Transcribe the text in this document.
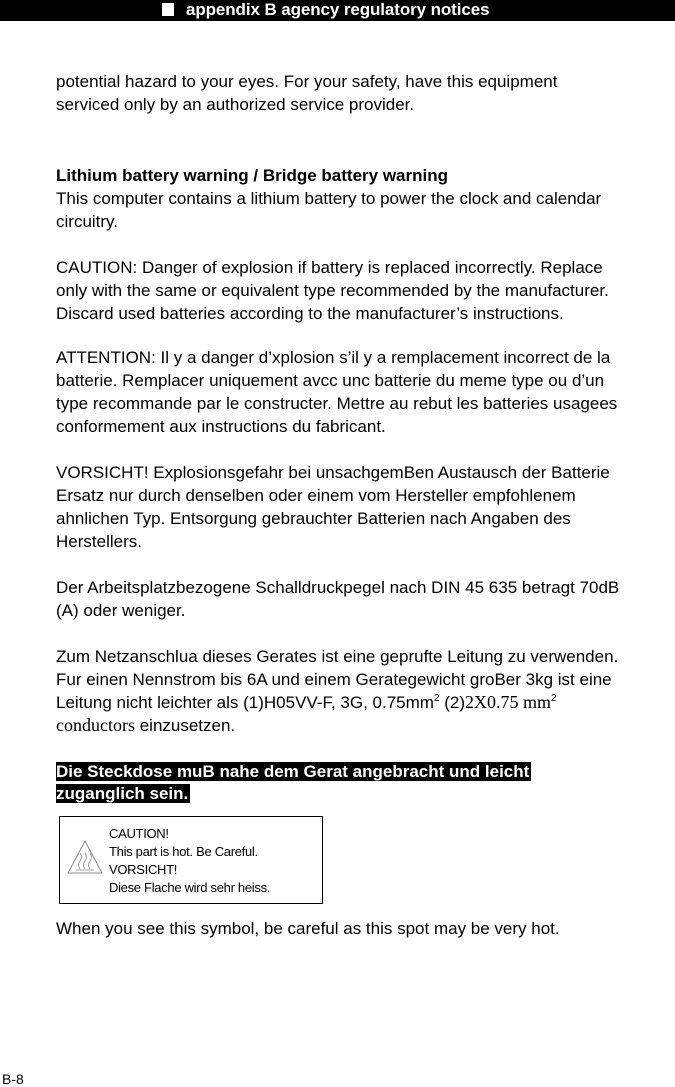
appendix B agency regulatory notices
potential hazard to your eyes. For your safety, have this equipment
serviced only by an authorized service provider.
Lithium battery warning / Bridge battery warning
This computer contains a lithium battery to power the clock and calendar
circuitry.
CAUTION: Danger of explosion if battery is replaced incorrectly. Replace
only with the same or equivalent type recommended by the manufacturer.
Discard used batteries according to the manufacturer’s instructions.
ATTENTION: Il y a danger d’xplosion s’il y a remplacement incorrect de la
batterie. Remplacer uniquement avcc unc batterie du meme type ou d’un
type recommande par le constructer. Mettre au rebut les batteries usagees
conformement aux instructions du fabricant.
VORSICHT! Explosionsgefahr bei unsachgemBen Austausch der Batterie
Ersatz nur durch denselben oder einem vom Hersteller empfohlenem
ahnlichen Typ. Entsorgung gebrauchter Batterien nach Angaben des
Herstellers.
Der Arbeitsplatzbezogene Schalldruckpegel nach DIN 45 635 betragt 70dB
(A) oder weniger.
Zum Netzanschlua dieses Gerates ist eine geprufte Leitung zu verwenden.
Fur einen Nennstrom bis 6A und einem Gerategewicht groBer 3kg ist eine
Leitung nicht leichter als (1)H05VV-F, 3G, $0.75mm^2$ (2)2X0.75 $mm^2$
conductors einzusetzen.
Die Steckdose muB nahe dem Gerat angebracht und leicht
zuganglich sein.
CAUTION!
This part is hot. Be Careful.
VORSICHT!
Diese Flache wird sehr heiss.
When you see this symbol, be careful as this spot may be very hot.
B-8
